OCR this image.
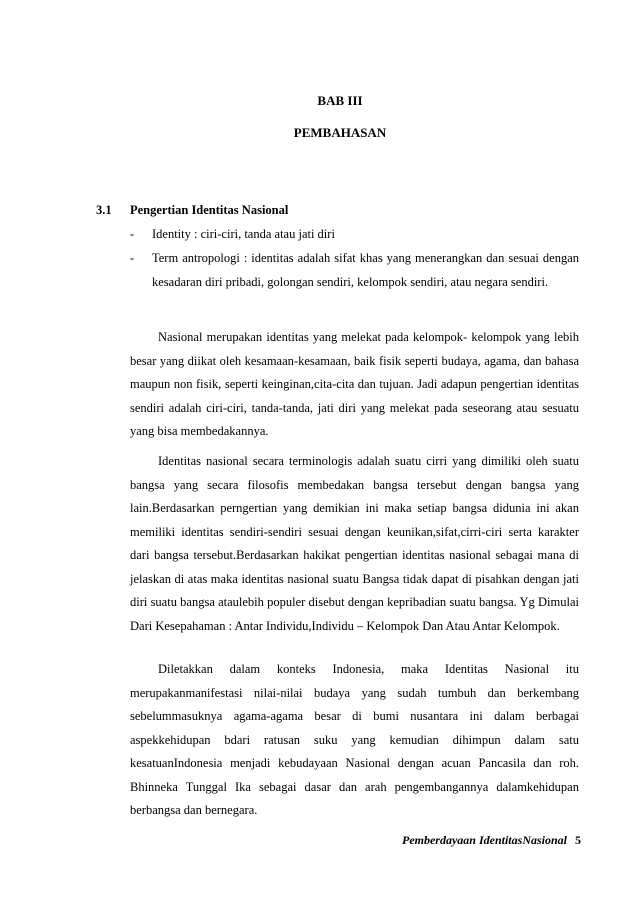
BAB III
PEMBAHASAN
3.1 Pengertian Identitas Nasional
- Identity : ciri-ciri, tanda atau jati diri
- Term antropologi : identitas adalah sifat khas yang menerangkan dan sesuai dengan kesadaran diri pribadi, golongan sendiri, kelompok sendiri, atau negara sendiri.

Nasional merupakan identitas yang melekat pada kelompok- kelompok yang lebih besar yang diikat oleh kesamaan-kesamaan, baik fisik seperti budaya, agama, dan bahasa maupun non fisik, seperti keinginan,cita-cita dan tujuan. Jadi adapun pengertian identitas sendiri adalah ciri-ciri, tanda-tanda, jati diri yang melekat pada seseorang atau sesuatu yang bisa membedakannya.

Identitas nasional secara terminologis adalah suatu cirri yang dimiliki oleh suatu bangsa yang secara filosofis membedakan bangsa tersebut dengan bangsa yang lain.Berdasarkan perngertian yang demikian ini maka setiap bangsa didunia ini akan memiliki identitas sendiri-sendiri sesuai dengan keunikan,sifat,cirri-ciri serta karakter dari bangsa tersebut.Berdasarkan hakikat pengertian identitas nasional sebagai mana di jelaskan di atas maka identitas nasional suatu Bangsa tidak dapat di pisahkan dengan jati diri suatu bangsa ataulebih populer disebut dengan kepribadian suatu bangsa. Yg Dimulai Dari Kesepahaman : Antar Individu,Individu – Kelompok Dan Atau Antar Kelompok.

Diletakkan dalam konteks Indonesia, maka Identitas Nasional itu merupakanmanifestasi nilai-nilai budaya yang sudah tumbuh dan berkembang sebelummasuknya agama-agama besar di bumi nusantara ini dalam berbagai aspekkehidupan bdari ratusan suku yang kemudian dihimpun dalam satu kesatuanIndonesia menjadi kebudayaan Nasional dengan acuan Pancasila dan roh. Bhinneka Tunggal Ika sebagai dasar dan arah pengembangannya dalamkehidupan berbangsa dan bernegara.

Pemberdayaan IdentitasNasional 5
